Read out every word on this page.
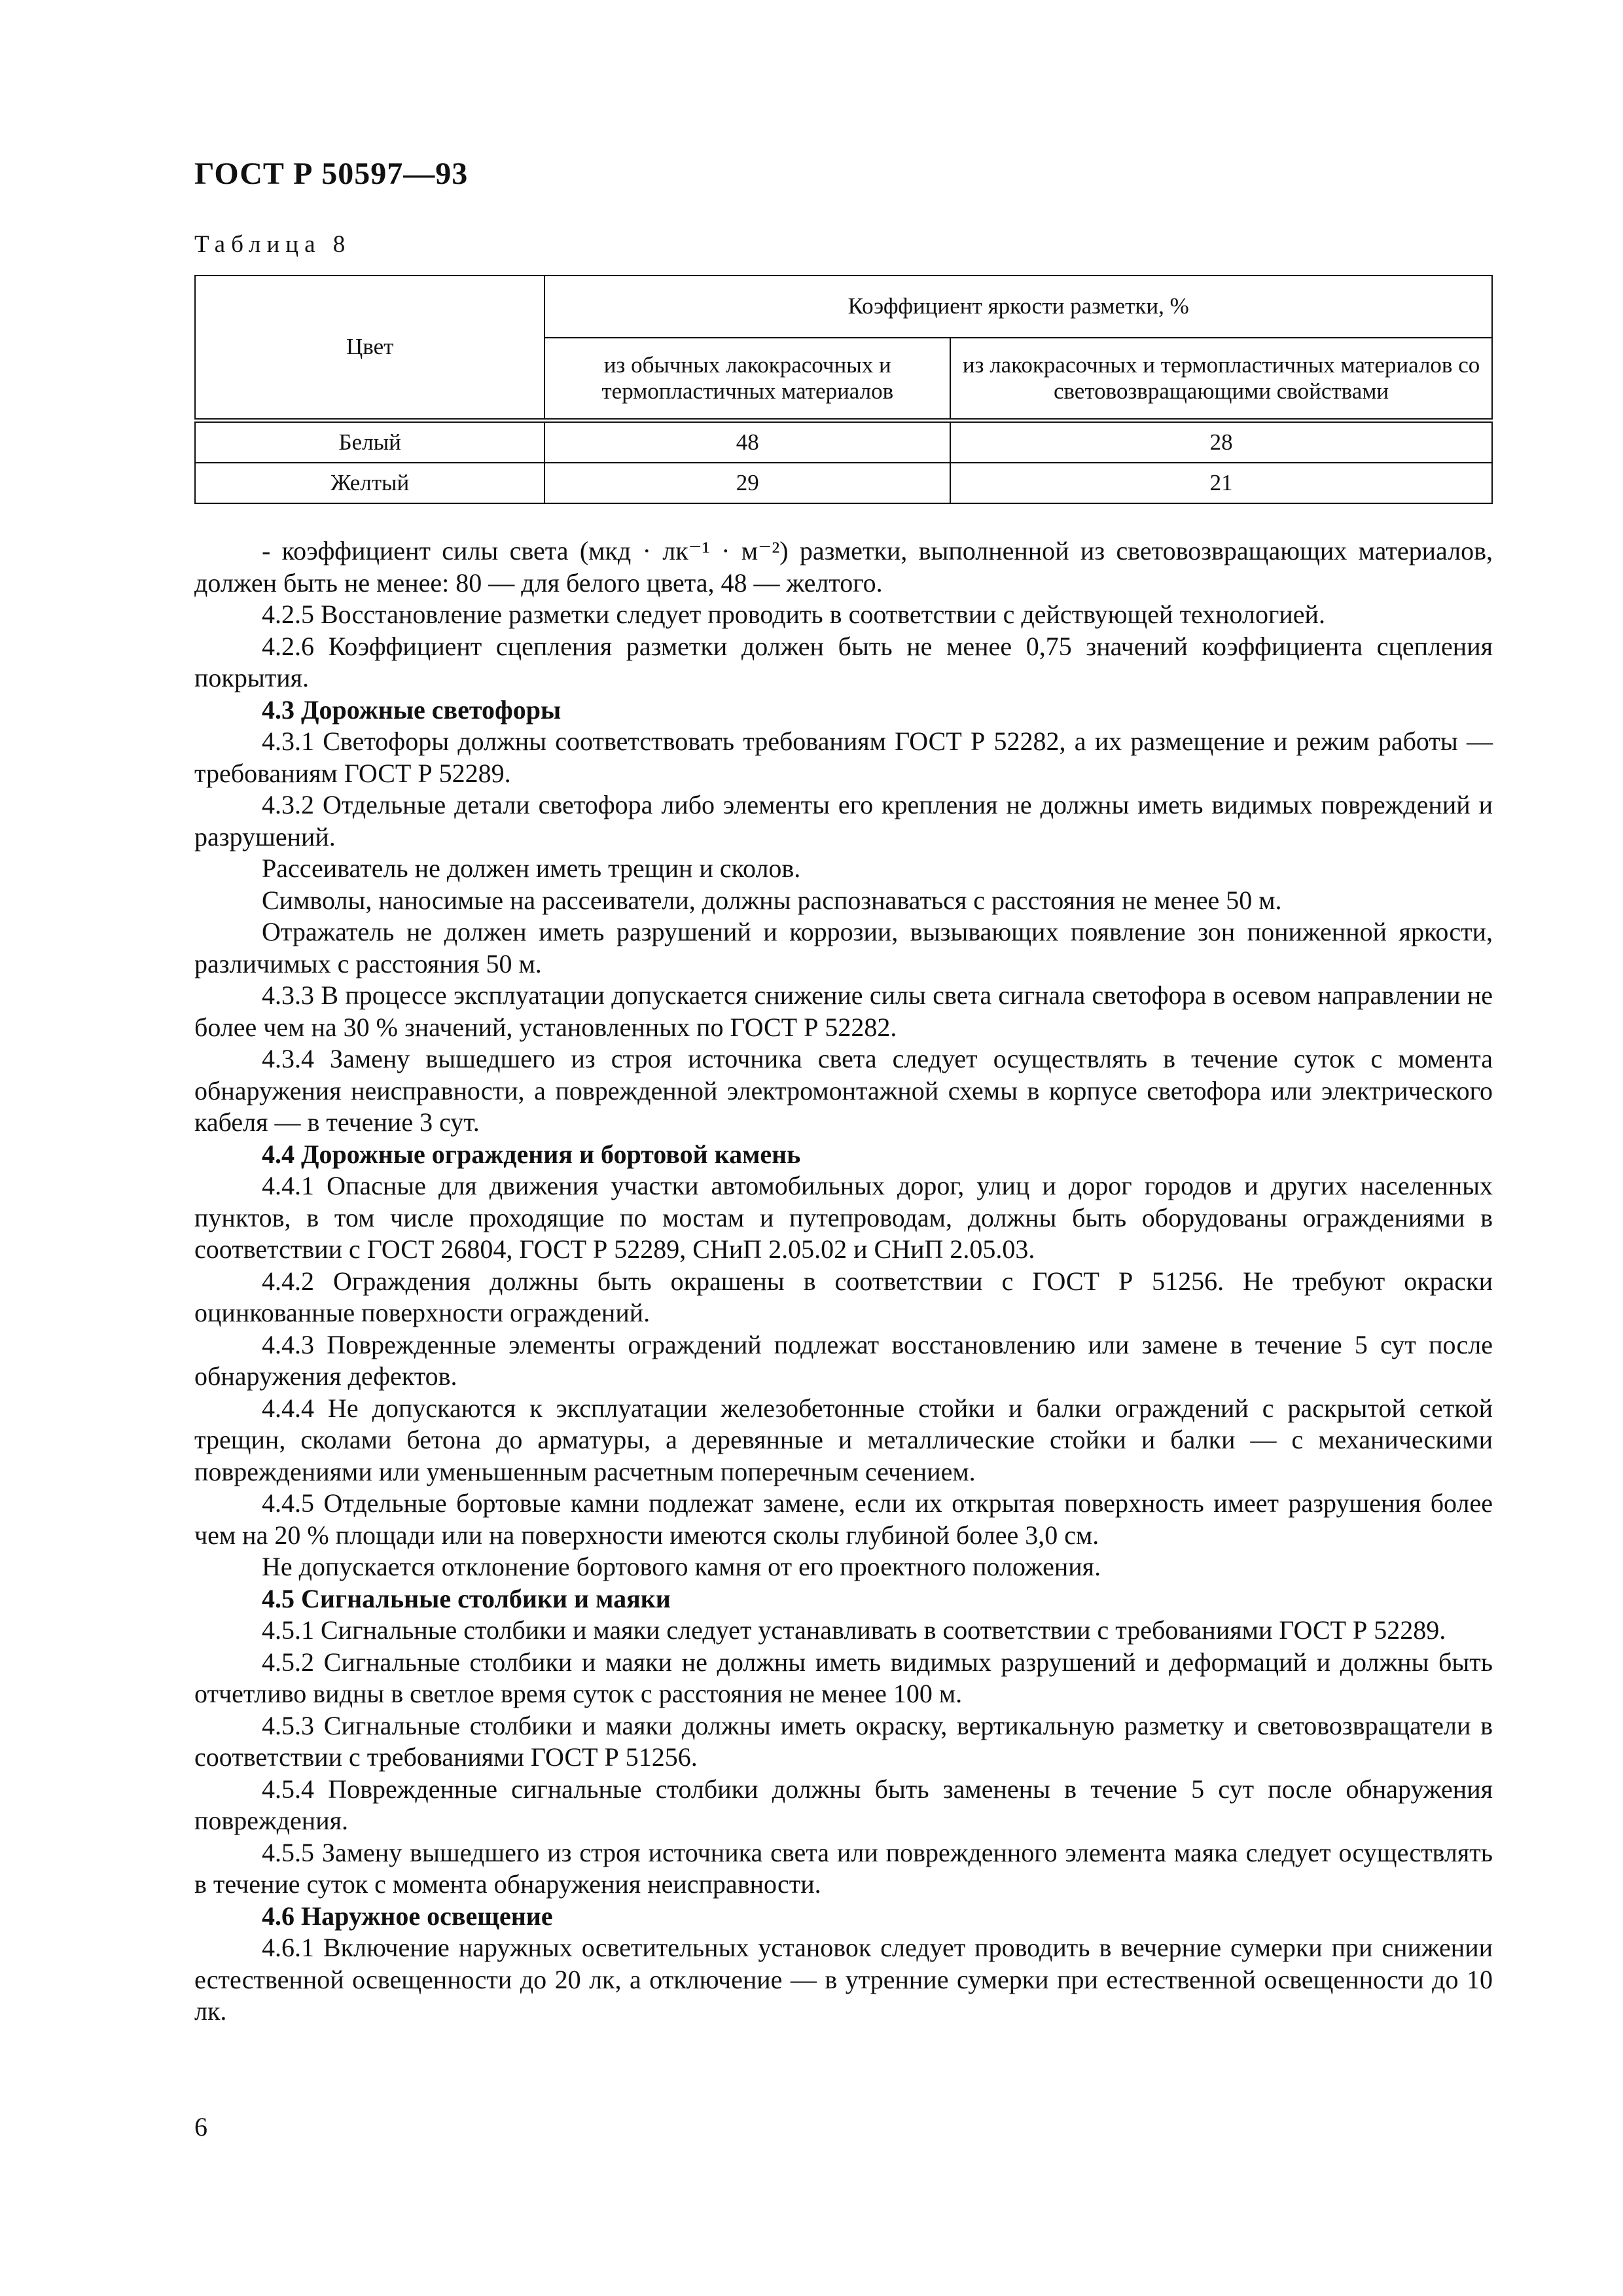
ГОСТ Р 50597—93
Таблица 8
Цвет	Коэффициент яркости разметки, %	
	из обычных лакокрасочных и термопластичных материалов	из лакокрасочных и термопластичных материалов со световозвращающими свойствами
Белый	48	28
Желтый	29	21

- коэффициент силы света (мкд · лк⁻¹ · м⁻²) разметки, выполненной из световозвращающих материалов, должен быть не менее: 80 — для белого цвета, 48 — желтого.

4.2.5 Восстановление разметки следует проводить в соответствии с действующей технологией.

4.2.6 Коэффициент сцепления разметки должен быть не менее 0,75 значений коэффициента сцепления покрытия.

4.3 Дорожные светофоры

4.3.1 Светофоры должны соответствовать требованиям ГОСТ Р 52282, а их размещение и режим работы — требованиям ГОСТ Р 52289.

4.3.2 Отдельные детали светофора либо элементы его крепления не должны иметь видимых повреждений и разрушений.

Рассеиватель не должен иметь трещин и сколов.

Символы, наносимые на рассеиватели, должны распознаваться с расстояния не менее 50 м.

Отражатель не должен иметь разрушений и коррозии, вызывающих появление зон пониженной яркости, различимых с расстояния 50 м.

4.3.3 В процессе эксплуатации допускается снижение силы света сигнала светофора в осевом направлении не более чем на 30 % значений, установленных по ГОСТ Р 52282.

4.3.4 Замену вышедшего из строя источника света следует осуществлять в течение суток с момента обнаружения неисправности, а поврежденной электромонтажной схемы в корпусе светофора или электрического кабеля — в течение 3 сут.

4.4 Дорожные ограждения и бортовой камень

4.4.1 Опасные для движения участки автомобильных дорог, улиц и дорог городов и других населенных пунктов, в том числе проходящие по мостам и путепроводам, должны быть оборудованы ограждениями в соответствии с ГОСТ 26804, ГОСТ Р 52289, СНиП 2.05.02 и СНиП 2.05.03.

4.4.2 Ограждения должны быть окрашены в соответствии с ГОСТ Р 51256. Не требуют окраски оцинкованные поверхности ограждений.

4.4.3 Поврежденные элементы ограждений подлежат восстановлению или замене в течение 5 сут после обнаружения дефектов.

4.4.4 Не допускаются к эксплуатации железобетонные стойки и балки ограждений с раскрытой сеткой трещин, сколами бетона до арматуры, а деревянные и металлические стойки и балки — с механическими повреждениями или уменьшенным расчетным поперечным сечением.

4.4.5 Отдельные бортовые камни подлежат замене, если их открытая поверхность имеет разрушения более чем на 20 % площади или на поверхности имеются сколы глубиной более 3,0 см.

Не допускается отклонение бортового камня от его проектного положения.

4.5 Сигнальные столбики и маяки

4.5.1 Сигнальные столбики и маяки следует устанавливать в соответствии с требованиями ГОСТ Р 52289.

4.5.2 Сигнальные столбики и маяки не должны иметь видимых разрушений и деформаций и должны быть отчетливо видны в светлое время суток с расстояния не менее 100 м.

4.5.3 Сигнальные столбики и маяки должны иметь окраску, вертикальную разметку и световозвращатели в соответствии с требованиями ГОСТ Р 51256.

4.5.4 Поврежденные сигнальные столбики должны быть заменены в течение 5 сут после обнаружения повреждения.

4.5.5 Замену вышедшего из строя источника света или поврежденного элемента маяка следует осуществлять в течение суток с момента обнаружения неисправности.

4.6 Наружное освещение

4.6.1 Включение наружных осветительных установок следует проводить в вечерние сумерки при снижении естественной освещенности до 20 лк, а отключение — в утренние сумерки при естественной освещенности до 10 лк.

6
